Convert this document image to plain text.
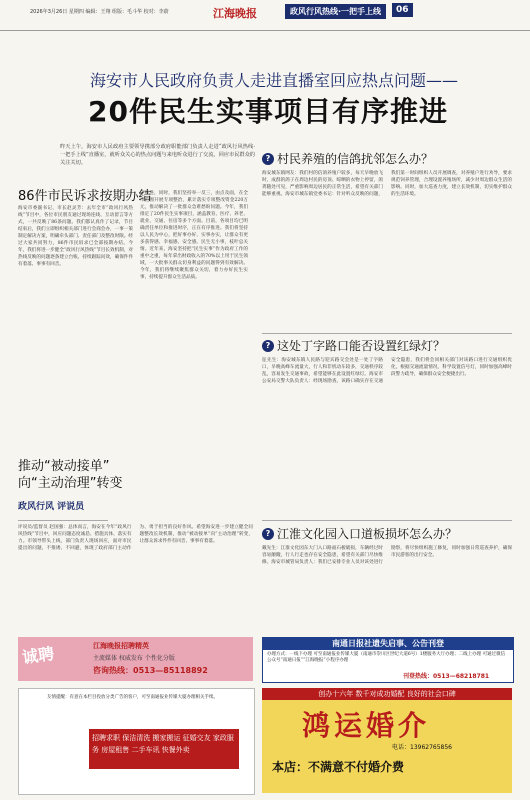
2026年3月26日 星期四 编辑：王翔 组版：毛斗华 校对：李蔚	江海晚报	政风行风热线·一把手上线	06
海安市人民政府负责人走进直播室回应热点问题——
20件民生实事项目有序推进
昨天上午，海安市人民政府主要领导携部分政府职能部门负责人走进“政风行风热线·一把手上线”直播室，就听众关心的热点问题与来电听众进行了交流，回应市民群众的关注关切。
86件市民诉求按期办结
海安市委副书记、市长赵灵芳：去年全市“政风行风热线”节目中，各位市民朋友通过现场连线、互动留言等方式，一共反映了86条问题。我们都认真作了记录，节目结束后，我们立即组织相关部门进行会商会办，一事一策制定解决方案，明确牵头部门、责任部门及整改时限。经过大家共同努力，86件市民诉求已全部按期办结。今年，我们将进一步健全“政风行风热线”节目长效机制，对热线反映的问题逐条建立台账，持续跟踪问效，确保件件有着落、事事有回音。
序推进，同时，我们坚持举一反三，由点及面，在全市范围开展专项整治，累计落实专项整改资金220万元，推动解决了一批群众急难愁盼问题。今年，我们排定了20件民生实事项目，涵盖教育、医疗、养老、就业、交通、住房等多个方面。目前，各项目均已明确责任单位和推进时序，正在有序推进。我们将坚持以人民为中心，把好事办好、实事办实，让群众有更多获得感、幸福感、安全感。民生无小事，枝叶总关情。近年来，海安坚持把“民生实事”作为政府工作的重中之重，每年拿出财政收入的70%以上用于民生领域，一大批事关群众切身利益的问题得到有效解决。今年，我们将继续聚焦群众关切，着力办好民生实事，持续提升群众生活品质。
推动“被动接单”
向“主动治理”转变
政风行风 评说员
评说员/监督员 赵国强：总体而言，海安在今年“政风行风热线”节目中，回应问题态度诚恳、措施具体、落实有力。市领导带头上线，部门负责人现场回应，面对市民提出的问题，不推诿、不回避，体现了政府部门主动作为、勇于担当的良好作风。希望海安进一步建立健全问题整改长效机制，推动“被动接单”向“主动治理”转变，让群众诉求件件有回音、事事有着落。
? 村民养殖的信鸽扰邻怎么办？
海安城东镇网友：我们村的信鸽养殖户较多，每天早晚放飞时，成群的鸽子在周边村民的房顶、晾晒的衣物上停留，鸽粪随处可见，严重影响周边居民的正常生活，希望有关部门能够重视。海安市城东镇党委书记：针对听众反映的问题，我们第一时间组织人员开展调查，对养殖户进行劝导，要求规范饲养管理，合理设置养殖场所，减少对周边群众生活的影响。同时，加大巡查力度，建立长效机制，切实维护群众的生活环境。
? 这处丁字路口能否设置红绿灯？
征先生：海安城东镇人民路与迎宾路交会处是一处丁字路口，早晚高峰车流量大，行人和非机动车较多，交通秩序较乱，容易发生交通事故，希望能够在此设置红绿灯。海安市公安局交警大队负责人：经现场勘查，该路口确实存在交通安全隐患，我们将会同相关部门对该路口进行交通组织优化，根据交通流量情况，科学设置信号灯，同时加强高峰时段警力疏导，确保群众安全便捷出行。
? 江淮文化园入口道板损坏怎么办？
戴先生：江淮文化园东大门入口路面石板破损，车辆经过时容易颠簸，行人行走也存在安全隐患，希望有关部门尽快维修。海安市城管局负责人：我们已安排专业人员对该处进行勘察，将尽快组织施工修复，同时加强日常巡查养护，确保市民游客的出行安全。
诚聘	江海晚报招聘精英
主流媒体 权威发布 个性化分版
咨询热线：0513—85118892
南通日报社遗失启事、公告刊登
办理方式：一线下办理 可至南通报业传媒大厦（南通市崇川区世纪大道6号）1楼服务大厅办理；二线上办理 可通过微信公众号“南通日报”“江海晚报”小程序办理
刊登热线：0513—68218781
友情提醒：有意在本栏目投放分类广告的客户，可至南通报业传媒大厦办理相关手续。
招聘求职 保洁清洗 搬家搬运 征婚交友 家政服务 房屋租售 二手车讯 快餐外卖
创办十六年 数千对成功婚配 良好的社会口碑
鸿运婚介
电话：13962765856
本店：不满意不付婚介费
